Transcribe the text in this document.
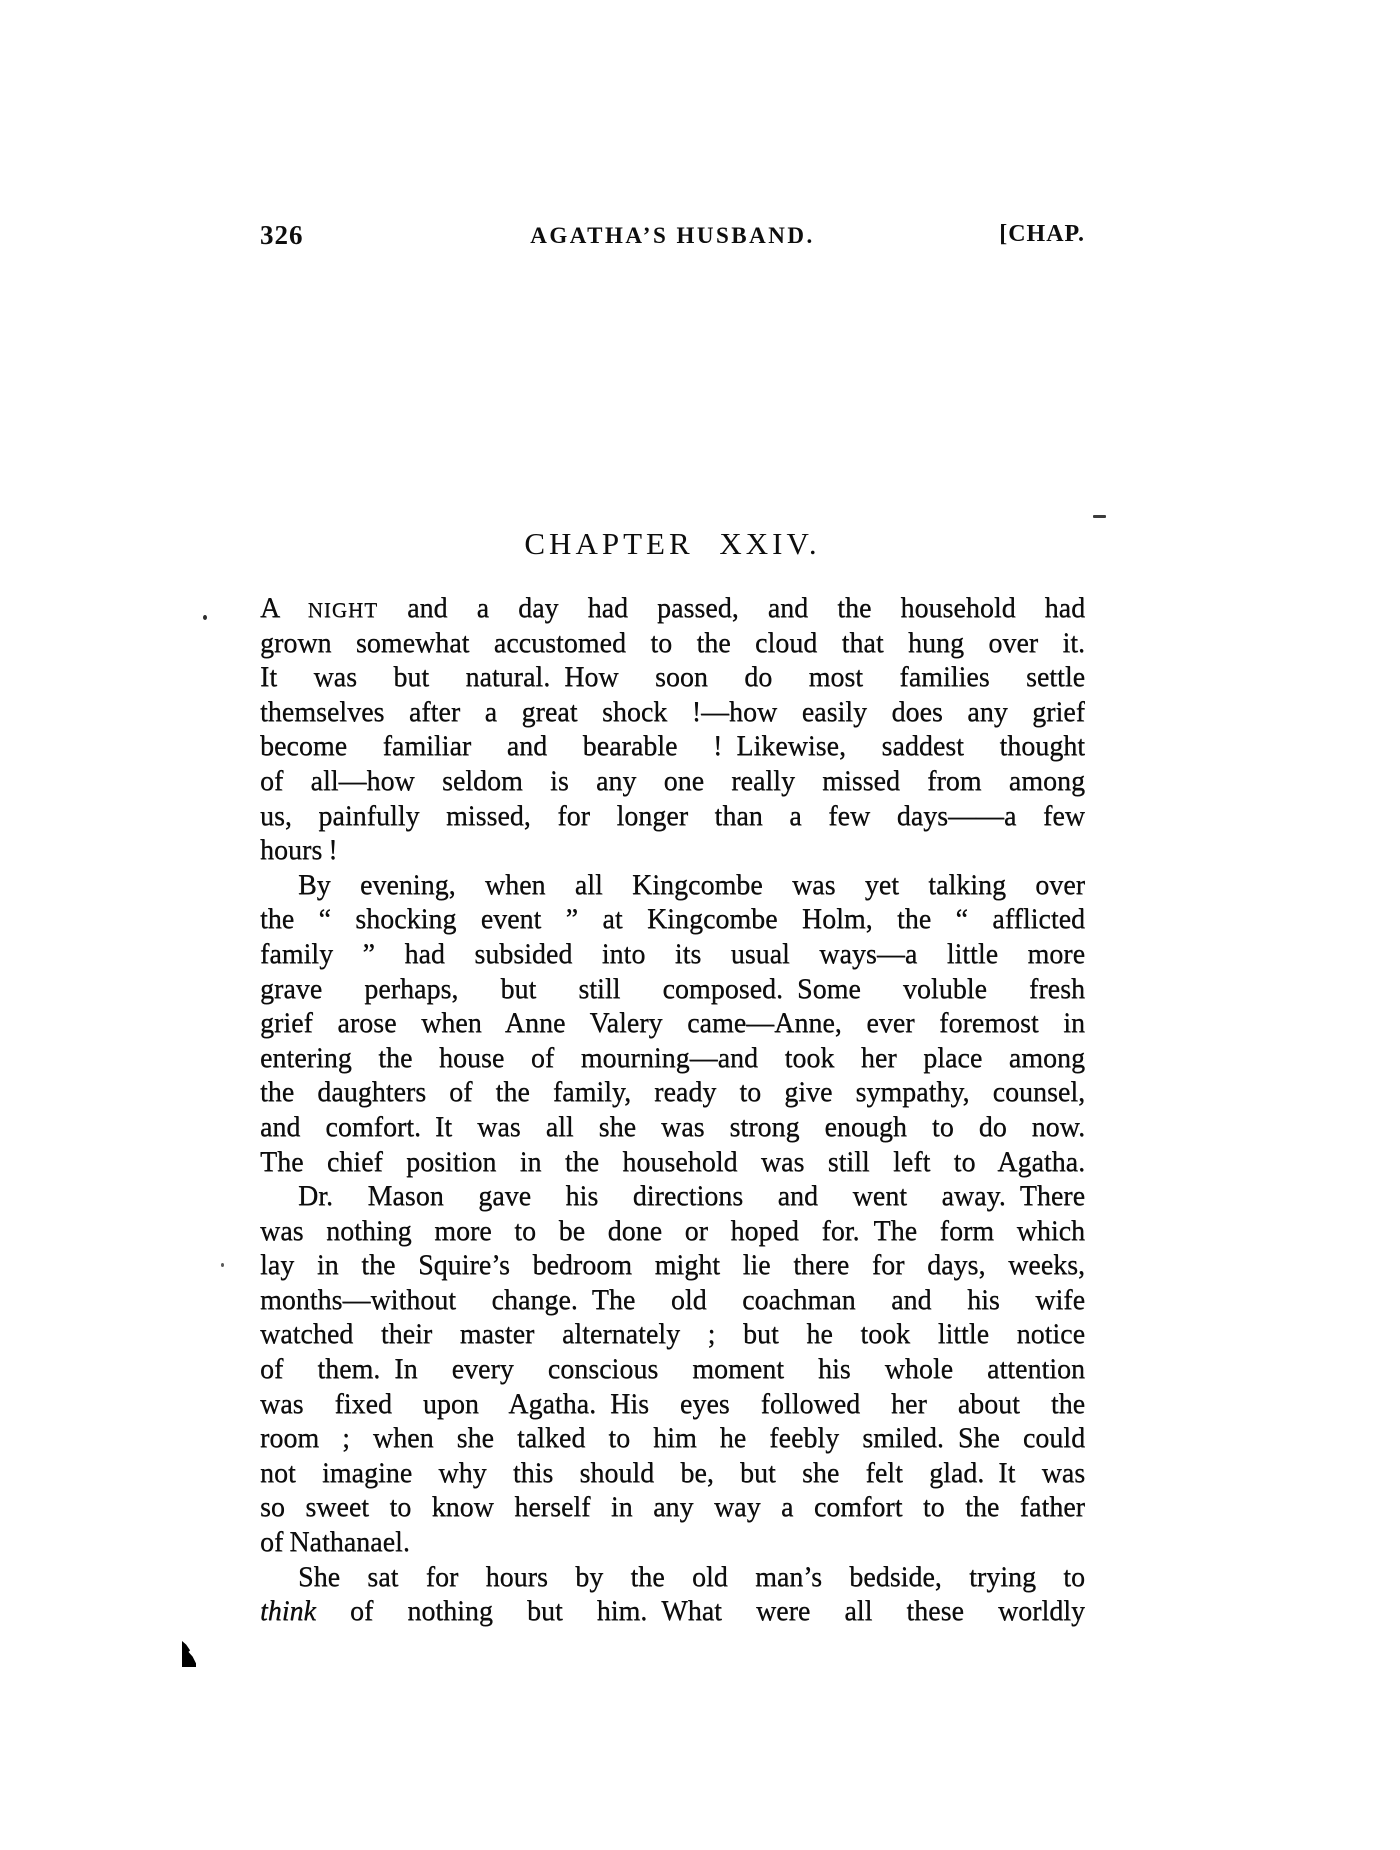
326	AGATHA’S HUSBAND.	[CHAP.
CHAPTER XXIV.
A NIGHT and a day had passed, and the household had
grown somewhat accustomed to the cloud that hung over it.
It was but natural. How soon do most families settle
themselves after a great shock !—how easily does any grief
become familiar and bearable ! Likewise, saddest thought
of all—how seldom is any one really missed from among
us, painfully missed, for longer than a few days——a few
hours !
By evening, when all Kingcombe was yet talking over
the “ shocking event ” at Kingcombe Holm, the “ afflicted
family ” had subsided into its usual ways—a little more
grave perhaps, but still composed. Some voluble fresh
grief arose when Anne Valery came—Anne, ever foremost in
entering the house of mourning—and took her place among
the daughters of the family, ready to give sympathy, counsel,
and comfort. It was all she was strong enough to do now.
The chief position in the household was still left to Agatha.
Dr. Mason gave his directions and went away. There
was nothing more to be done or hoped for. The form which
lay in the Squire’s bedroom might lie there for days, weeks,
months—without change. The old coachman and his wife
watched their master alternately ; but he took little notice
of them. In every conscious moment his whole attention
was fixed upon Agatha. His eyes followed her about the
room ; when she talked to him he feebly smiled. She could
not imagine why this should be, but she felt glad. It was
so sweet to know herself in any way a comfort to the father
of Nathanael.
She sat for hours by the old man’s bedside, trying to
think of nothing but him. What were all these worldly
